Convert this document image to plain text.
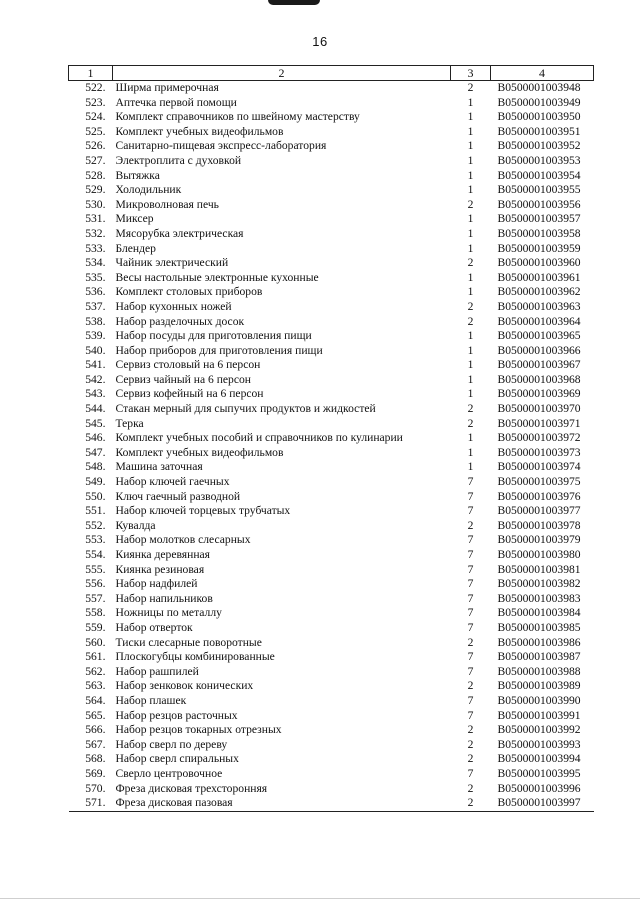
16
1	2	3	4
522.	Ширма примерочная	2	B0500001003948
523.	Аптечка первой помощи	1	B0500001003949
524.	Комплект справочников по швейному мастерству	1	B0500001003950
525.	Комплект учебных видеофильмов	1	B0500001003951
526.	Санитарно-пищевая экспресс-лаборатория	1	B0500001003952
527.	Электроплита с духовкой	1	B0500001003953
528.	Вытяжка	1	B0500001003954
529.	Холодильник	1	B0500001003955
530.	Микроволновая печь	2	B0500001003956
531.	Миксер	1	B0500001003957
532.	Мясорубка электрическая	1	B0500001003958
533.	Блендер	1	B0500001003959
534.	Чайник электрический	2	B0500001003960
535.	Весы настольные электронные кухонные	1	B0500001003961
536.	Комплект столовых приборов	1	B0500001003962
537.	Набор кухонных ножей	2	B0500001003963
538.	Набор разделочных досок	2	B0500001003964
539.	Набор посуды для приготовления пищи	1	B0500001003965
540.	Набор приборов для приготовления пищи	1	B0500001003966
541.	Сервиз столовый на 6 персон	1	B0500001003967
542.	Сервиз чайный на 6 персон	1	B0500001003968
543.	Сервиз кофейный на 6 персон	1	B0500001003969
544.	Стакан мерный для сыпучих продуктов и жидкостей	2	B0500001003970
545.	Терка	2	B0500001003971
546.	Комплект учебных пособий и справочников по кулинарии	1	B0500001003972
547.	Комплект учебных видеофильмов	1	B0500001003973
548.	Машина заточная	1	B0500001003974
549.	Набор ключей гаечных	7	B0500001003975
550.	Ключ гаечный разводной	7	B0500001003976
551.	Набор ключей торцевых трубчатых	7	B0500001003977
552.	Кувалда	2	B0500001003978
553.	Набор молотков слесарных	7	B0500001003979
554.	Киянка деревянная	7	B0500001003980
555.	Киянка резиновая	7	B0500001003981
556.	Набор надфилей	7	B0500001003982
557.	Набор напильников	7	B0500001003983
558.	Ножницы по металлу	7	B0500001003984
559.	Набор отверток	7	B0500001003985
560.	Тиски слесарные поворотные	2	B0500001003986
561.	Плоскогубцы комбинированные	7	B0500001003987
562.	Набор рашпилей	7	B0500001003988
563.	Набор зенковок конических	2	B0500001003989
564.	Набор плашек	7	B0500001003990
565.	Набор резцов расточных	7	B0500001003991
566.	Набор резцов токарных отрезных	2	B0500001003992
567.	Набор сверл по дереву	2	B0500001003993
568.	Набор сверл спиральных	2	B0500001003994
569.	Сверло центровочное	7	B0500001003995
570.	Фреза дисковая трехсторонняя	2	B0500001003996
571.	Фреза дисковая пазовая	2	B0500001003997
